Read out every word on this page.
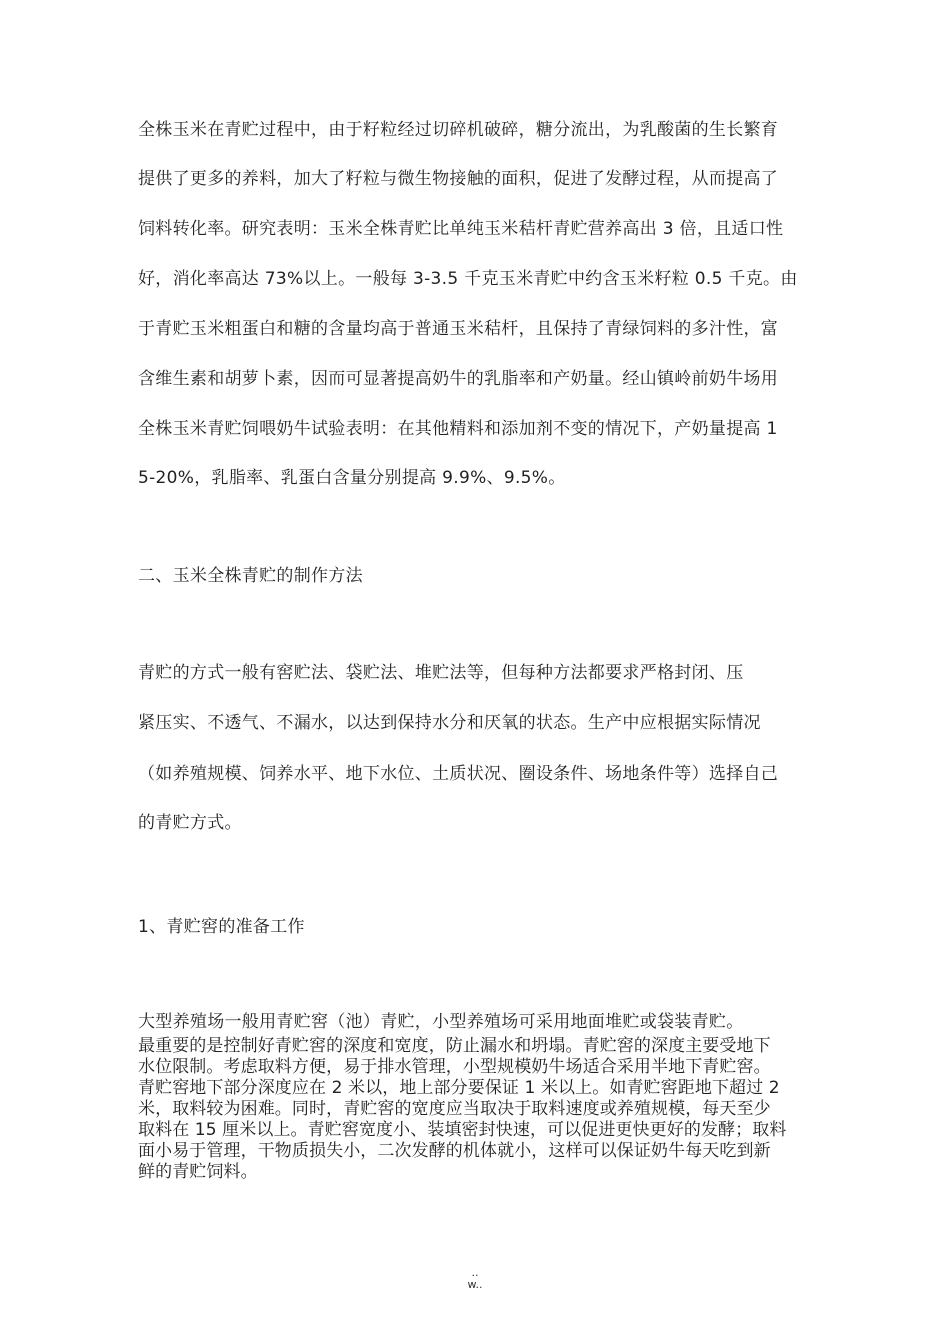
全株玉米在青贮过程中，由于籽粒经过切碎机破碎，糖分流出，为乳酸菌的生长繁育
提供了更多的养料，加大了籽粒与微生物接触的面积，促进了发酵过程，从而提高了
饲料转化率。研究表明：玉米全株青贮比单纯玉米秸杆青贮营养高出 3 倍，且适口性
好，消化率高达 73%以上。一般每 3-3.5 千克玉米青贮中约含玉米籽粒 0.5 千克。由
于青贮玉米粗蛋白和糖的含量均高于普通玉米秸杆，且保持了青绿饲料的多汁性，富
含维生素和胡萝卜素，因而可显著提高奶牛的乳脂率和产奶量。经山镇岭前奶牛场用
全株玉米青贮饲喂奶牛试验表明：在其他精料和添加剂不变的情况下，产奶量提高 1
5-20%，乳脂率、乳蛋白含量分别提高 9.9%、9.5%。
二、玉米全株青贮的制作方法
青贮的方式一般有窖贮法、袋贮法、堆贮法等，但每种方法都要求严格封闭、压
紧压实、不透气、不漏水，以达到保持水分和厌氧的状态。生产中应根据实际情况
（如养殖规模、饲养水平、地下水位、土质状况、圈设条件、场地条件等）选择自己
的青贮方式。
1、青贮窖的准备工作
大型养殖场一般用青贮窖（池）青贮，小型养殖场可采用地面堆贮或袋装青贮。
最重要的是控制好青贮窖的深度和宽度，防止漏水和坍塌。青贮窖的深度主要受地下
水位限制。考虑取料方便，易于排水管理，小型规模奶牛场适合采用半地下青贮窖。
青贮窖地下部分深度应在 2 米以，地上部分要保证 1 米以上。如青贮窖距地下超过 2
米，取料较为困难。同时，青贮窖的宽度应当取决于取料速度或养殖规模，每天至少
取料在 15 厘米以上。青贮窖宽度小、装填密封快速，可以促进更快更好的发酵；取料
面小易于管理，干物质损失小，二次发酵的机体就小，这样可以保证奶牛每天吃到新
鲜的青贮饲料。
..
w..
